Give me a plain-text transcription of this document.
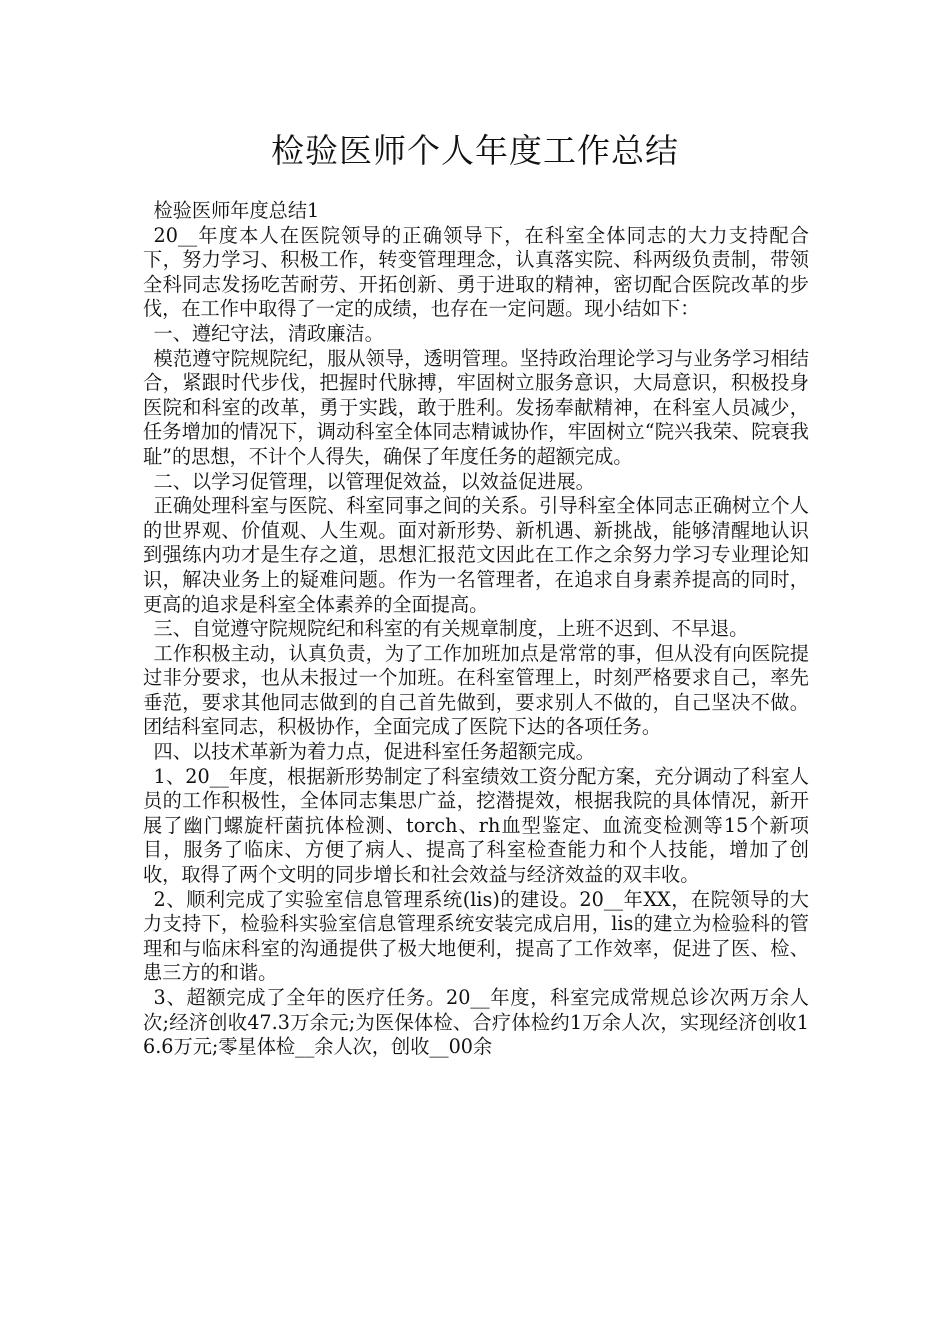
检验医师个人年度工作总结

检验医师年度总结1

20__年度本人在医院领导的正确领导下，在科室全体同志的大力支持配合下，努力学习、积极工作，转变管理理念，认真落实院、科两级负责制，带领全科同志发扬吃苦耐劳、开拓创新、勇于进取的精神，密切配合医院改革的步伐，在工作中取得了一定的成绩，也存在一定问题。现小结如下：

一、遵纪守法，清政廉洁。

模范遵守院规院纪，服从领导，透明管理。坚持政治理论学习与业务学习相结合，紧跟时代步伐，把握时代脉搏，牢固树立服务意识，大局意识，积极投身医院和科室的改革，勇于实践，敢于胜利。发扬奉献精神，在科室人员减少，任务增加的情况下，调动科室全体同志精诚协作，牢固树立“院兴我荣、院衰我耻”的思想，不计个人得失，确保了年度任务的超额完成。

二、以学习促管理，以管理促效益，以效益促进展。

正确处理科室与医院、科室同事之间的关系。引导科室全体同志正确树立个人的世界观、价值观、人生观。面对新形势、新机遇、新挑战，能够清醒地认识到强练内功才是生存之道，思想汇报范文因此在工作之余努力学习专业理论知识，解决业务上的疑难问题。作为一名管理者，在追求自身素养提高的同时，更高的追求是科室全体素养的全面提高。

三、自觉遵守院规院纪和科室的有关规章制度，上班不迟到、不早退。

工作积极主动，认真负责，为了工作加班加点是常常的事，但从没有向医院提过非分要求，也从未报过一个加班。在科室管理上，时刻严格要求自己，率先垂范，要求其他同志做到的自己首先做到，要求别人不做的，自己坚决不做。团结科室同志，积极协作，全面完成了医院下达的各项任务。

四、以技术革新为着力点，促进科室任务超额完成。

1、20__年度，根据新形势制定了科室绩效工资分配方案，充分调动了科室人员的工作积极性，全体同志集思广益，挖潜提效，根据我院的具体情况，新开展了幽门螺旋杆菌抗体检测、torch、rh血型鉴定、血流变检测等15个新项目，服务了临床、方便了病人、提高了科室检查能力和个人技能，增加了创收，取得了两个文明的同步增长和社会效益与经济效益的双丰收。

2、顺利完成了实验室信息管理系统(lis)的建设。20__年XX，在院领导的大力支持下，检验科实验室信息管理系统安装完成启用，lis的建立为检验科的管理和与临床科室的沟通提供了极大地便利，提高了工作效率，促进了医、检、患三方的和谐。

3、超额完成了全年的医疗任务。20__年度，科室完成常规总诊次两万余人次;经济创收47.3万余元;为医保体检、合疗体检约1万余人次，实现经济创收16.6万元;零星体检__余人次，创收__00余
